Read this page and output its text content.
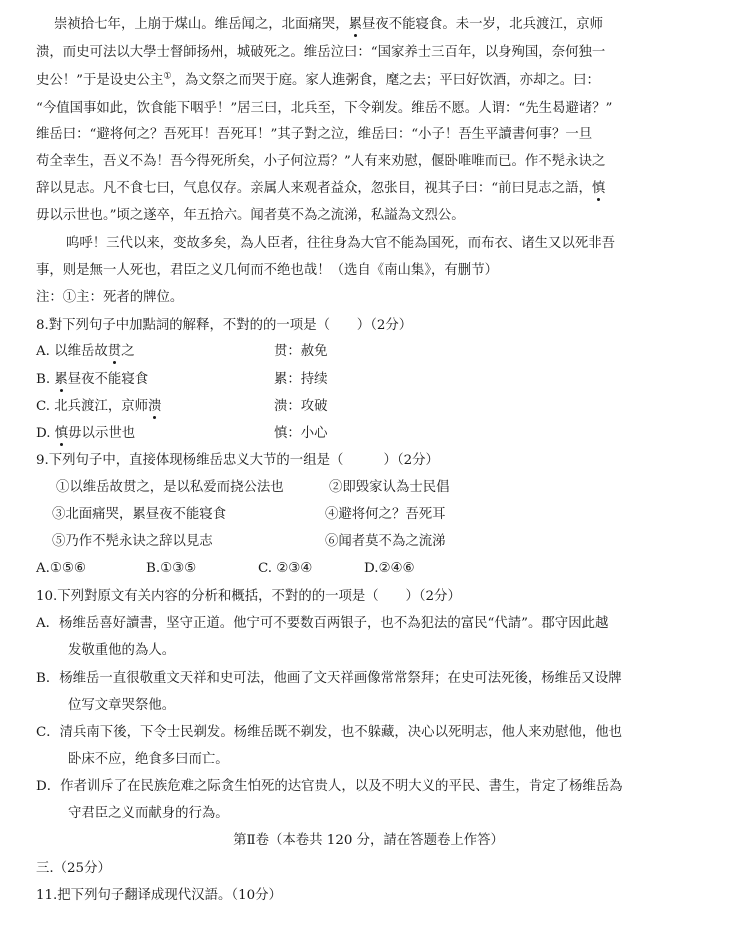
崇祯拾七年，上崩于煤山。维岳闻之，北面痛哭，累昼夜不能寝食。未一岁，北兵渡江，京师
溃，而史可法以大學士督師扬州，城破死之。维岳泣曰：“国家养士三百年，以身殉国，奈何独一
史公！”于是设史公主①，為文祭之而哭于庭。家人進粥食，麾之去；平曰好饮酒，亦却之。曰：
“今值国事如此，饮食能下咽乎！”居三曰，北兵至，下令剃发。维岳不愿。人谓：“先生曷避诸？”
维岳曰：“避将何之？吾死耳！吾死耳！”其子對之泣，维岳曰：“小子！吾生平讀書何事？一旦
苟全幸生，吾义不為！吾今得死所矣，小子何泣焉？”人有来劝慰，偃卧唯唯而已。作不髡永诀之
辞以見志。凡不食七曰，气息仅存。亲属人来观者益众，忽张目，视其子曰：“前曰見志之語，慎
毋以示世也。”顷之遂卒，年五拾六。闻者莫不為之流涕，私謚為文烈公。
呜呼！三代以来，变故多矣，為人臣者，往往身為大官不能為国死，而布衣、诸生又以死非吾
事，则是無一人死也，君臣之义几何而不绝也哉！（选自《南山集》，有删节）
注：①主：死者的牌位。
8.對下列句子中加點詞的解释，不對的的一项是（　　）（2分）
A. 以维岳故贯之	贯：赦免
B. 累昼夜不能寝食	累：持续
C. 北兵渡江，京师溃	溃：攻破
D. 慎毋以示世也	慎：小心
9.下列句子中，直接体现杨维岳忠义大节的一组是（　　　）（2分）
①以维岳故贯之，是以私爱而挠公法也	②即毁家认為士民倡
③北面痛哭，累昼夜不能寝食	④避将何之？吾死耳
⑤乃作不髡永诀之辞以見志	⑥闻者莫不為之流涕
A.①⑤⑥	B.①③⑤	C. ②③④	D.②④⑥
10.下列對原文有关内容的分析和概括，不對的的一项是（　　）（2分）
A．杨维岳喜好讀書，坚守正道。他宁可不要数百两银子，也不為犯法的富民“代請”。郡守因此越
发敬重他的為人。
B．杨维岳一直很敬重文天祥和史可法，他画了文天祥画像常常祭拜；在史可法死後，杨维岳又设牌
位写文章哭祭他。
C．清兵南下後，下令士民剃发。杨维岳既不剃发，也不躲藏，决心以死明志，他人来劝慰他，他也
卧床不应，绝食多曰而亡。
D．作者训斥了在民族危难之际贪生怕死的达官贵人，以及不明大义的平民、書生，肯定了杨维岳為
守君臣之义而献身的行為。
第Ⅱ卷（本卷共 120 分，請在答题卷上作答）
三.（25分）
11.把下列句子翻译成现代汉語。（10分）
